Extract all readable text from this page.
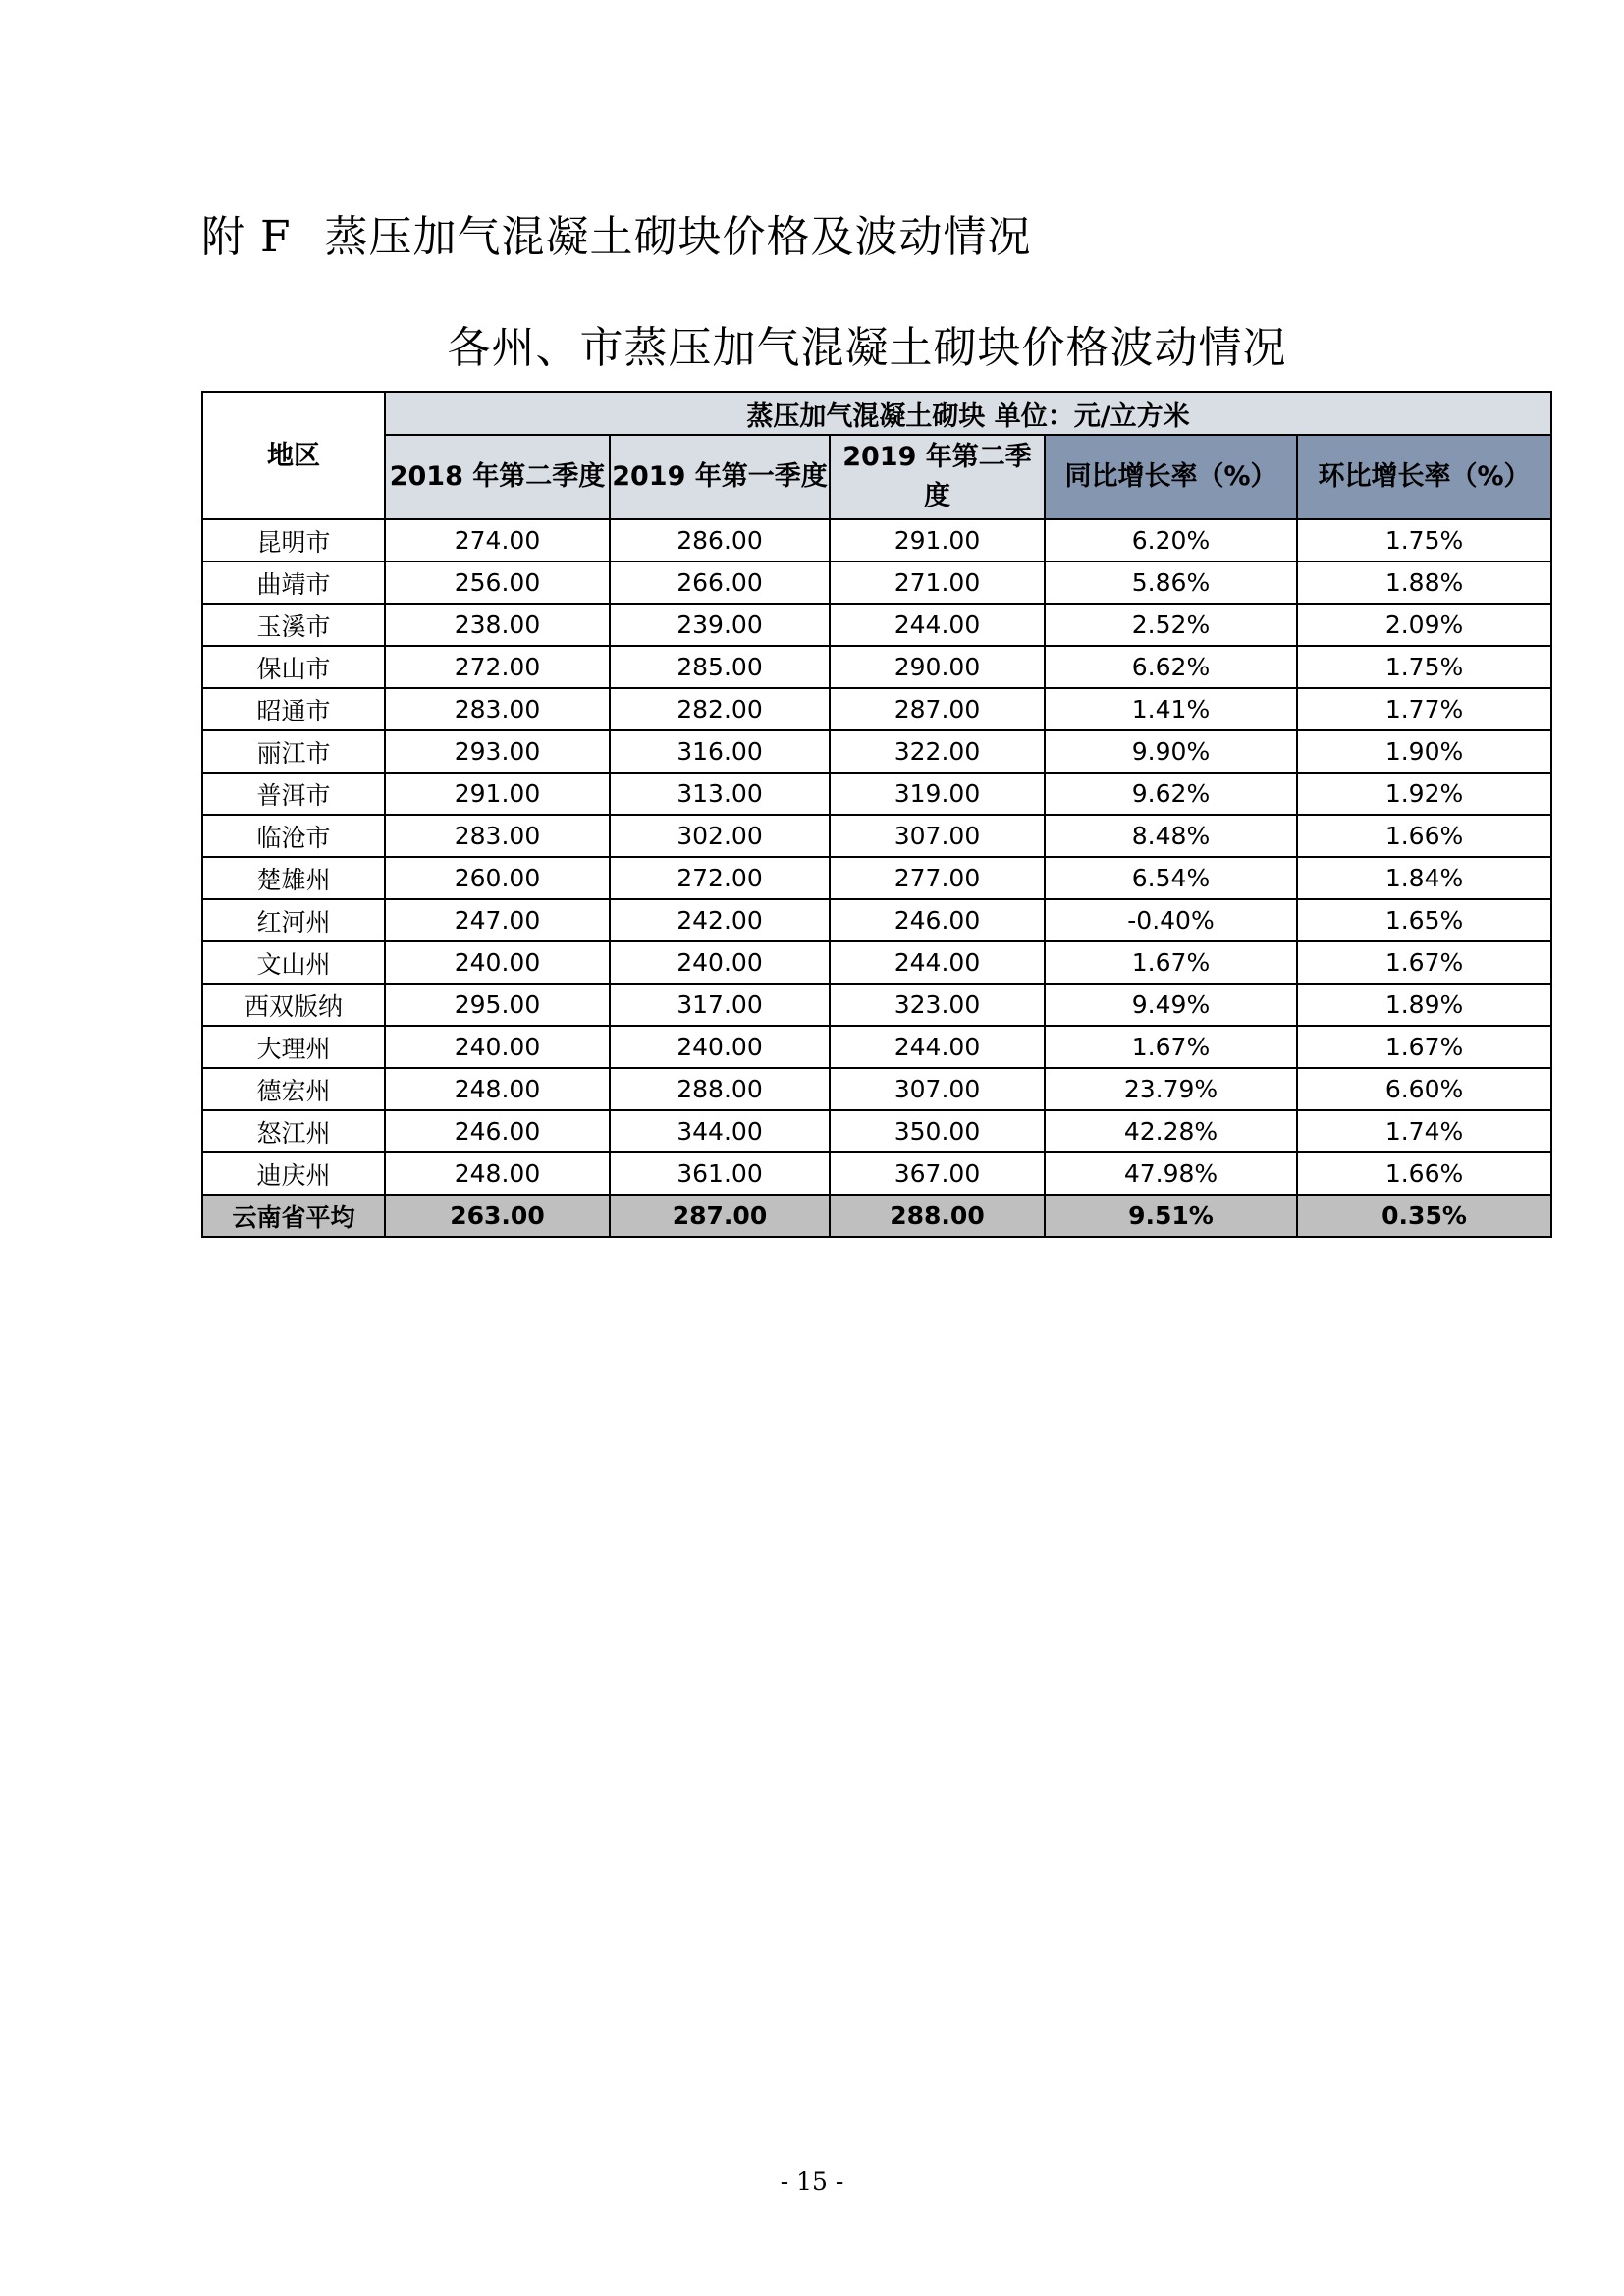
附 F 蒸压加气混凝土砌块价格及波动情况
各州、市蒸压加气混凝土砌块价格波动情况
地区	蒸压加气混凝土砌块 单位：元/立方米				
	2018 年第二季度	2019 年第一季度	2019 年第二季度	同比增长率（%）	环比增长率（%）
昆明市	274.00	286.00	291.00	6.20%	1.75%
曲靖市	256.00	266.00	271.00	5.86%	1.88%
玉溪市	238.00	239.00	244.00	2.52%	2.09%
保山市	272.00	285.00	290.00	6.62%	1.75%
昭通市	283.00	282.00	287.00	1.41%	1.77%
丽江市	293.00	316.00	322.00	9.90%	1.90%
普洱市	291.00	313.00	319.00	9.62%	1.92%
临沧市	283.00	302.00	307.00	8.48%	1.66%
楚雄州	260.00	272.00	277.00	6.54%	1.84%
红河州	247.00	242.00	246.00	-0.40%	1.65%
文山州	240.00	240.00	244.00	1.67%	1.67%
西双版纳	295.00	317.00	323.00	9.49%	1.89%
大理州	240.00	240.00	244.00	1.67%	1.67%
德宏州	248.00	288.00	307.00	23.79%	6.60%
怒江州	246.00	344.00	350.00	42.28%	1.74%
迪庆州	248.00	361.00	367.00	47.98%	1.66%
云南省平均	263.00	287.00	288.00	9.51%	0.35%
- 15 -
